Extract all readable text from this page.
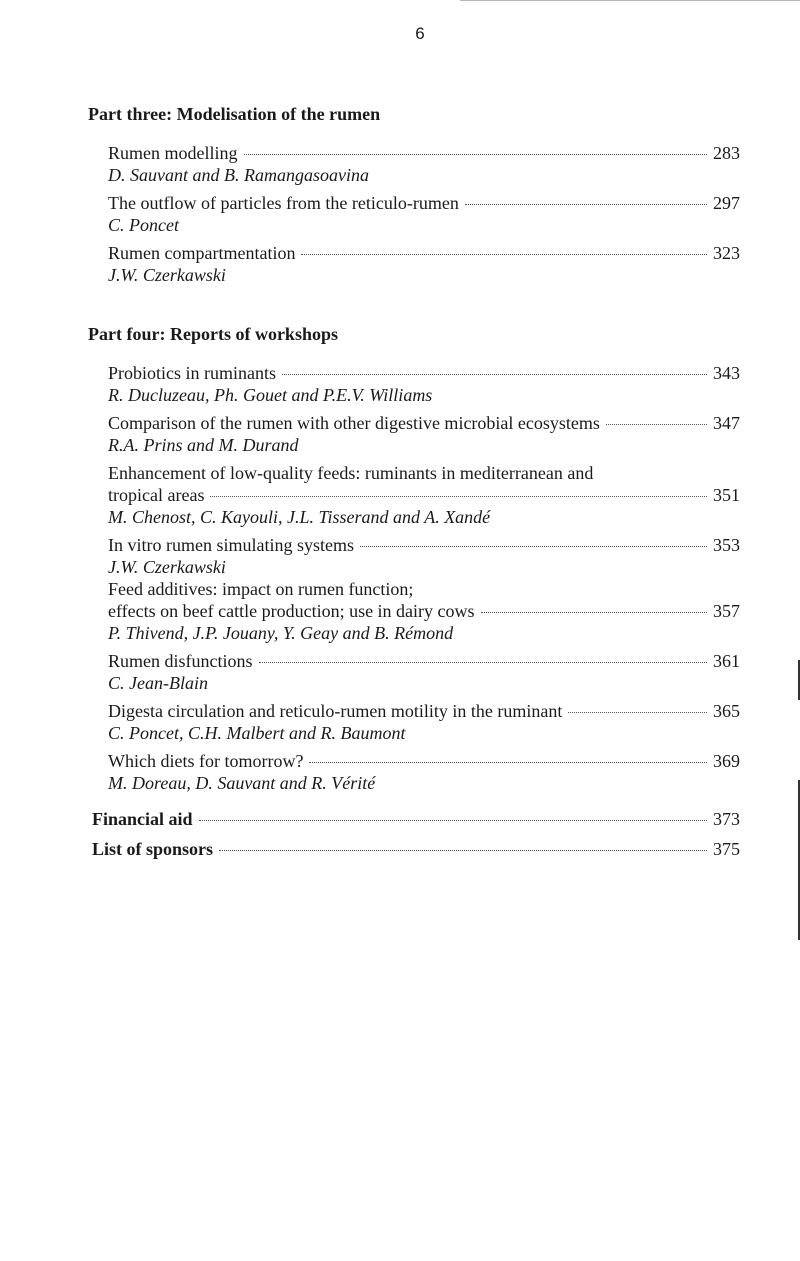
6
Part three: Modelisation of the rumen
Rumen modelling	283
D. Sauvant and B. Ramangasoavina
The outflow of particles from the reticulo-rumen	297
C. Poncet
Rumen compartmentation	323
J.W. Czerkawski
Part four: Reports of workshops
Probiotics in ruminants	343
R. Ducluzeau, Ph. Gouet and P.E.V. Williams
Comparison of the rumen with other digestive microbial ecosystems	347
R.A. Prins and M. Durand
Enhancement of low-quality feeds: ruminants in mediterranean and
tropical areas	351
M. Chenost, C. Kayouli, J.L. Tisserand and A. Xandé
In vitro rumen simulating systems	353
J.W. Czerkawski
Feed additives: impact on rumen function;
effects on beef cattle production; use in dairy cows	357
P. Thivend, J.P. Jouany, Y. Geay and B. Rémond
Rumen disfunctions	361
C. Jean-Blain
Digesta circulation and reticulo-rumen motility in the ruminant	365
C. Poncet, C.H. Malbert and R. Baumont
Which diets for tomorrow?	369
M. Doreau, D. Sauvant and R. Vérité
Financial aid	373
List of sponsors	375
